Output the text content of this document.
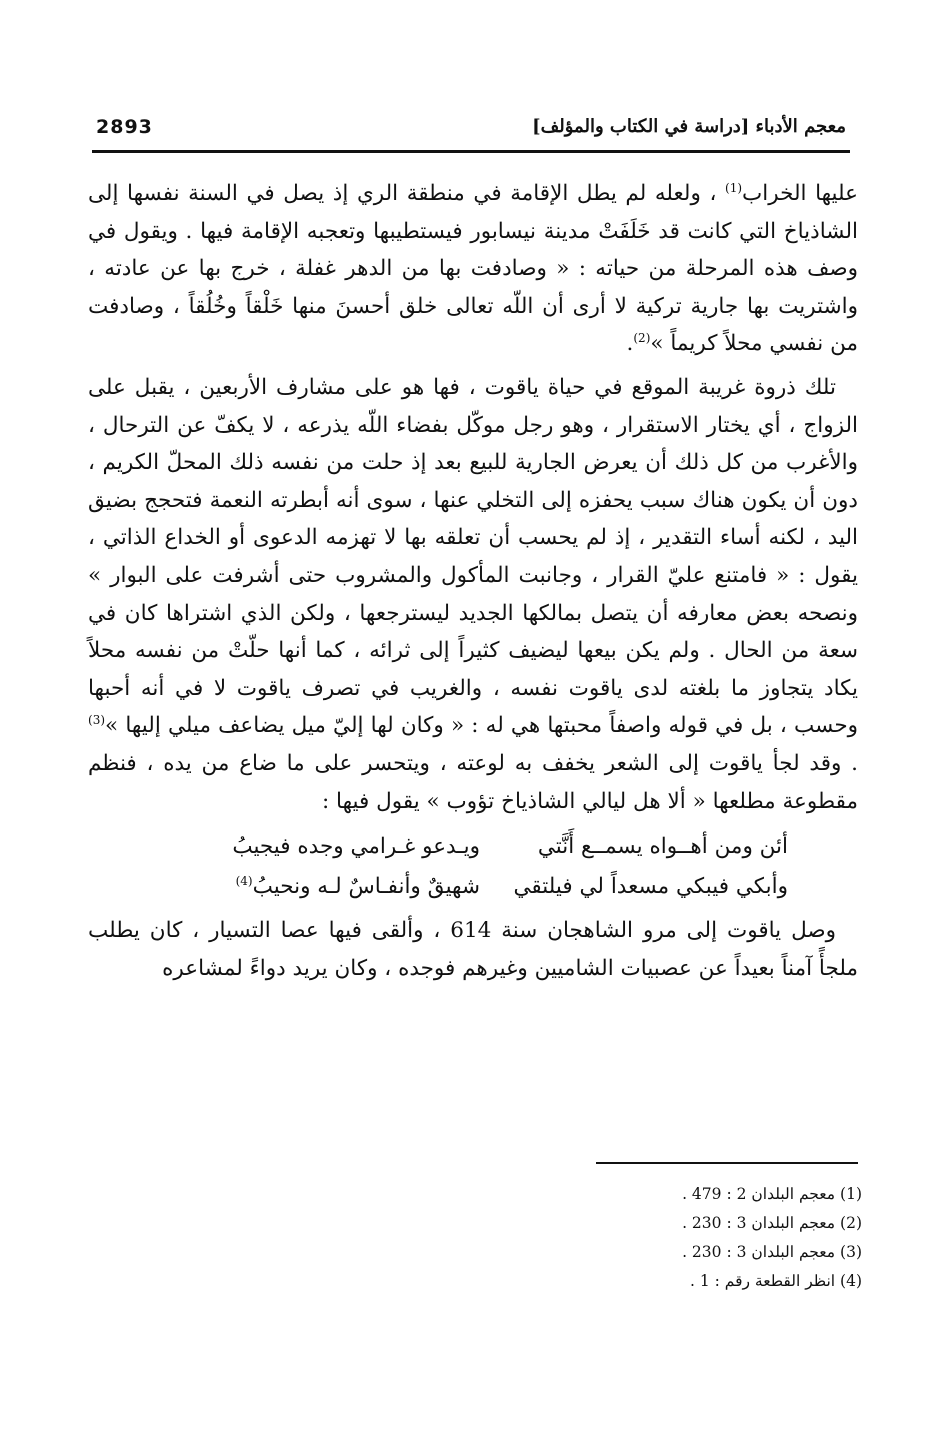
2893	معجم الأدباء [دراسة في الكتاب والمؤلف]

عليها الخراب$^{(1)}$ ، ولعله لم يطل الإقامة في منطقة الري إذ يصل في السنة نفسها إلى الشاذياخ التي كانت قد خَلَفَتْ مدينة نيسابور فيستطيبها وتعجبه الإقامة فيها . ويقول في وصف هذه المرحلة من حياته : « وصادفت بها من الدهر غفلة ، خرج بها عن عادته ، واشتريت بها جارية تركية لا أرى أن اللّه تعالى خلق أحسنَ منها خَلْقاً وخُلُقاً ، وصادفت من نفسي محلاً كريماً »$^{(2)}$.

تلك ذروة غريبة الموقع في حياة ياقوت ، فها هو على مشارف الأربعين ، يقبل على الزواج ، أي يختار الاستقرار ، وهو رجل موكّل بفضاء اللّه يذرعه ، لا يكفّ عن الترحال ، والأغرب من كل ذلك أن يعرض الجارية للبيع بعد إذ حلت من نفسه ذلك المحلّ الكريم ، دون أن يكون هناك سبب يحفزه إلى التخلي عنها ، سوى أنه أبطرته النعمة فتحجج بضيق اليد ، لكنه أساء التقدير ، إذ لم يحسب أن تعلقه بها لا تهزمه الدعوى أو الخداع الذاتي ، يقول : « فامتنع عليّ القرار ، وجانبت المأكول والمشروب حتى أشرفت على البوار » ونصحه بعض معارفه أن يتصل بمالكها الجديد ليسترجعها ، ولكن الذي اشتراها كان في سعة من الحال . ولم يكن بيعها ليضيف كثيراً إلى ثرائه ، كما أنها حلّتْ من نفسه محلاً يكاد يتجاوز ما بلغته لدى ياقوت نفسه ، والغريب في تصرف ياقوت لا في أنه أحبها وحسب ، بل في قوله واصفاً محبتها هي له : « وكان لها إليّ ميل يضاعف ميلي إليها »$^{(3)}$ . وقد لجأ ياقوت إلى الشعر يخفف به لوعته ، ويتحسر على ما ضاع من يده ، فنظم مقطوعة مطلعها « ألا هل ليالي الشاذياخ تؤوب » يقول فيها :

أئن ومن أهــواه يسمــع أَنَّتي
ويـدعو غـرامي وجده فيجيبُ
وأبكي فيبكي مسعداً لي فيلتقي
شهيقٌ وأنفـاسٌ لـه ونحيبُ$^{(4)}$

وصل ياقوت إلى مرو الشاهجان سنة 614 ، وألقى فيها عصا التسيار ، كان يطلب ملجأً آمناً بعيداً عن عصبيات الشاميين وغيرهم فوجده ، وكان يريد دواءً لمشاعره

(1) معجم البلدان 2 : 479 .
(2) معجم البلدان 3 : 230 .
(3) معجم البلدان 3 : 230 .
(4) انظر القطعة رقم : 1 .
